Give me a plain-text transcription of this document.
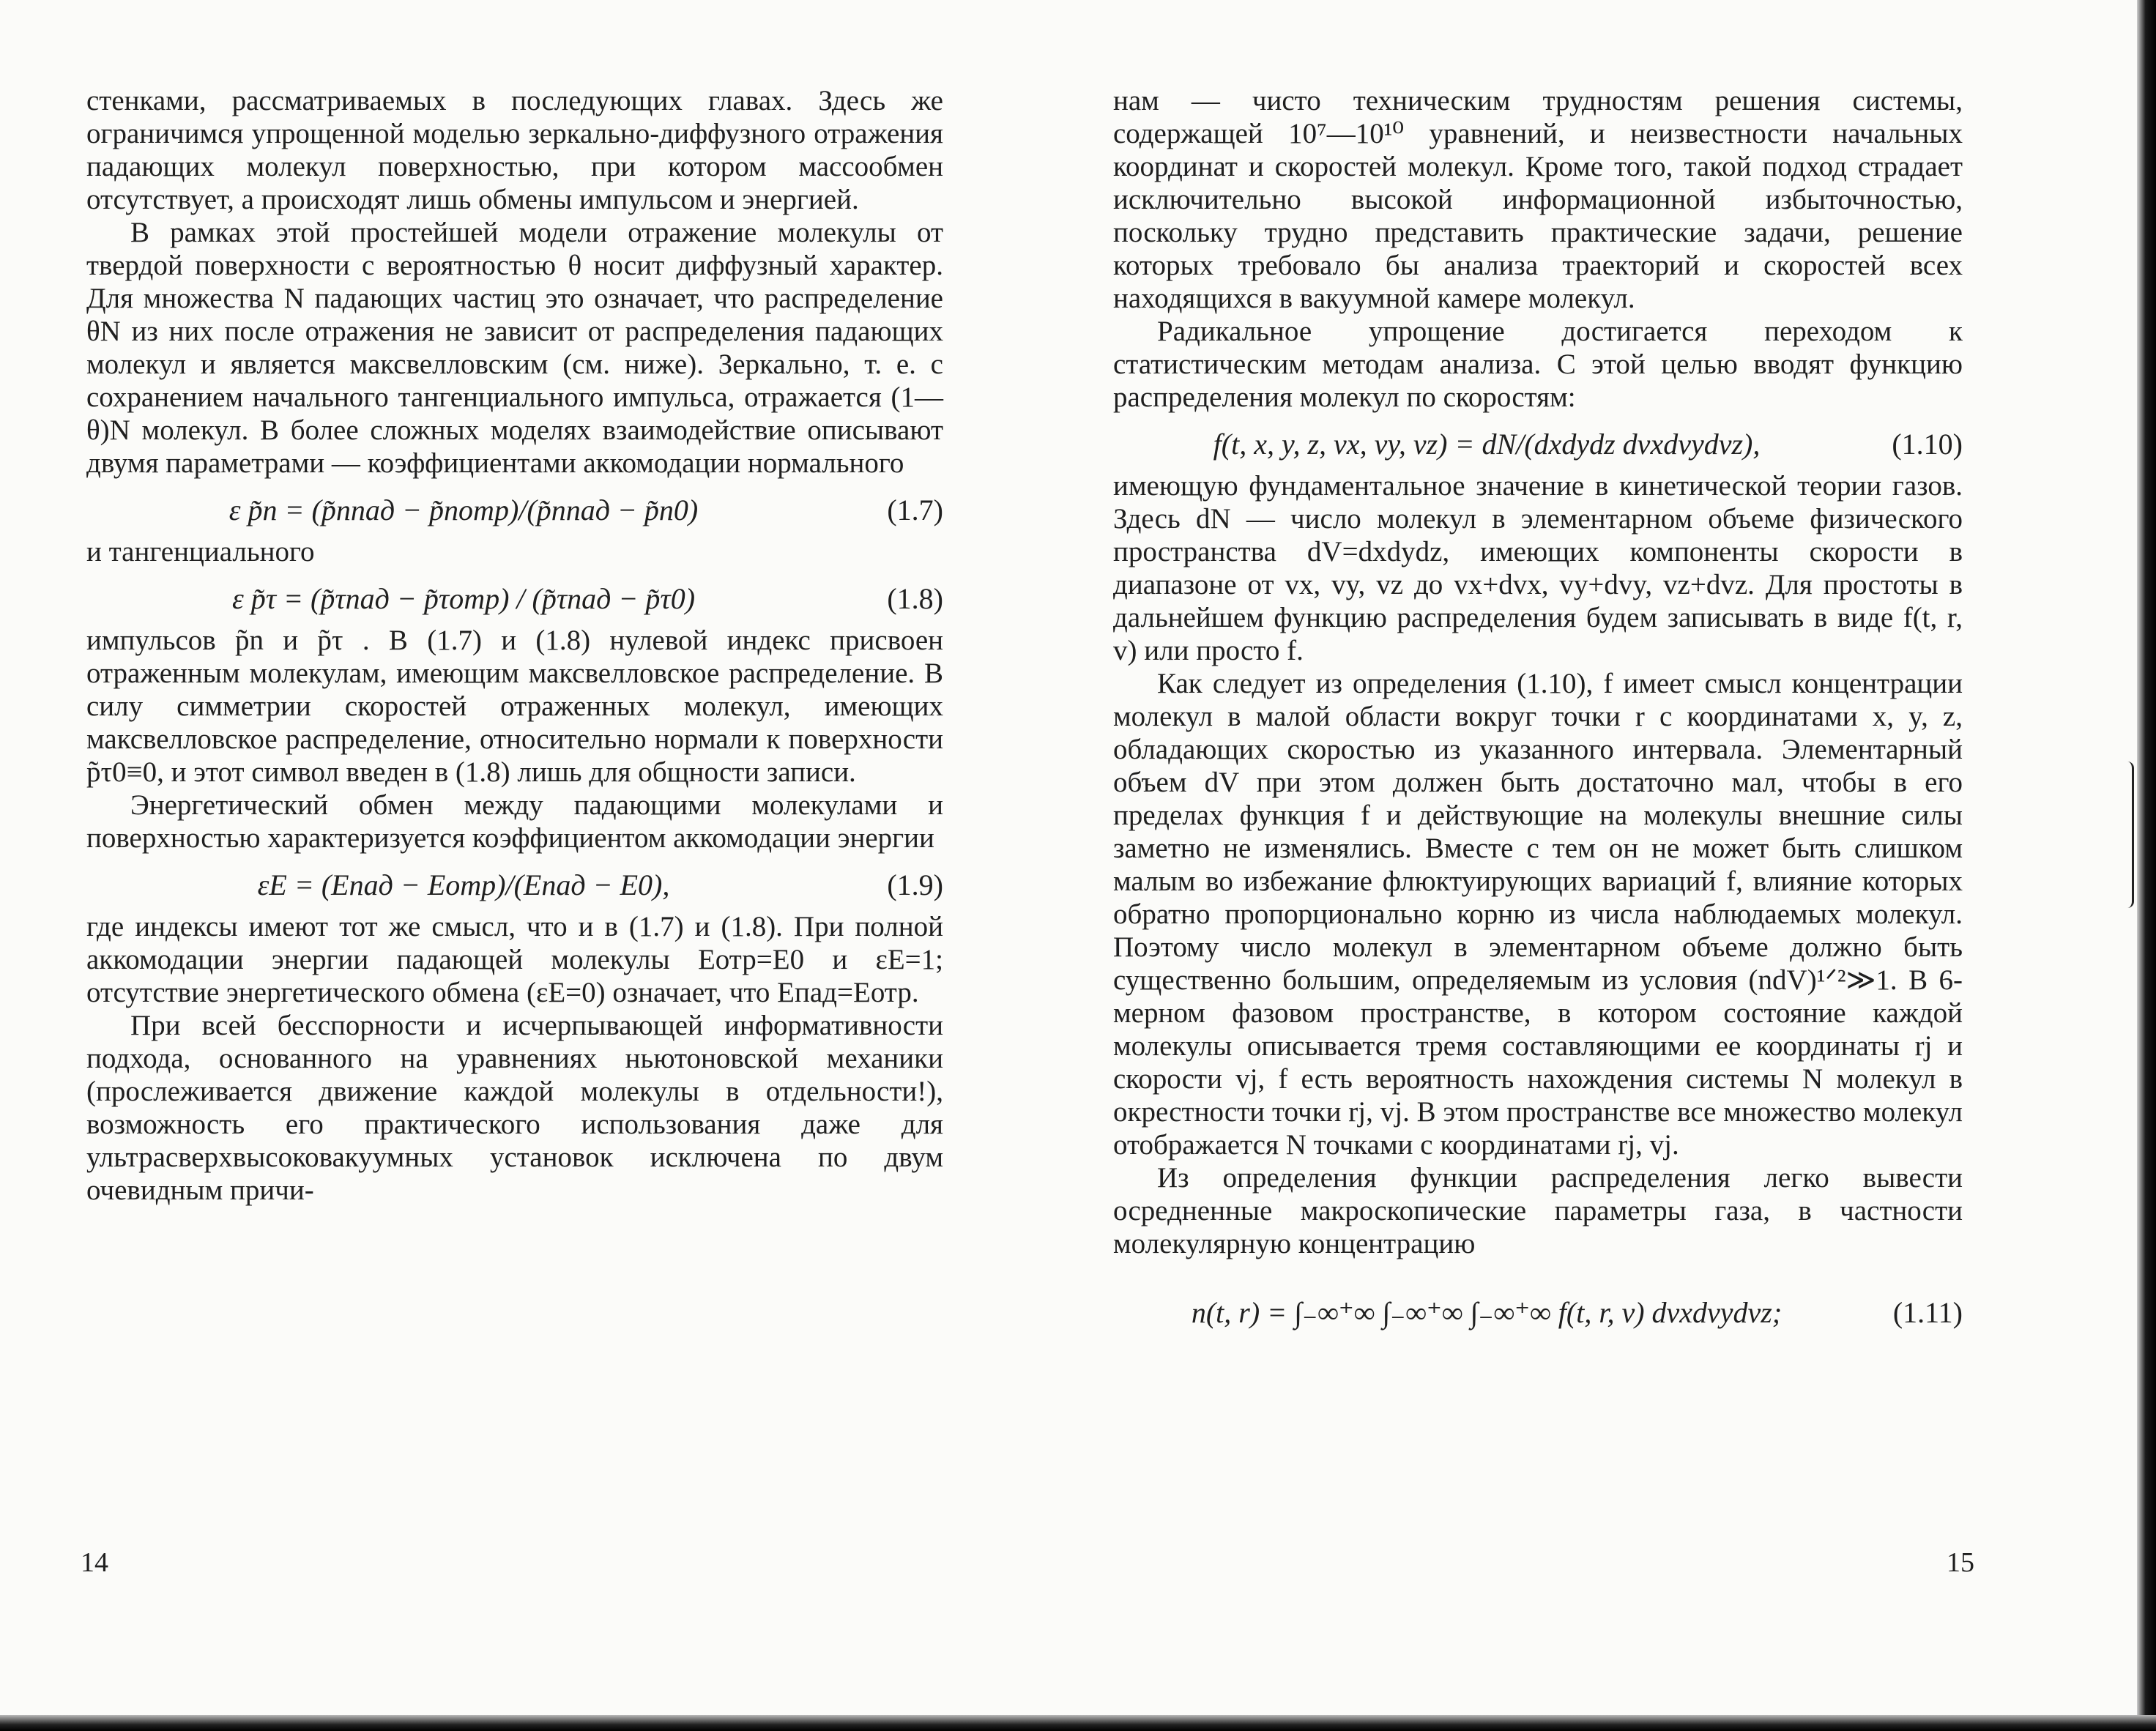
стенками, рассматриваемых в последующих главах. Здесь же ограничимся упрощенной моделью зеркально-диффузного отражения падающих молекул поверхностью, при котором массообмен отсутствует, а происходят лишь обмены импульсом и энергией.

В рамках этой простейшей модели отражение молекулы от твердой поверхности с вероятностью θ носит диффузный характер. Для множества N падающих частиц это означает, что распределение θN из них после отражения не зависит от распределения падающих молекул и является максвелловским (см. ниже). Зеркально, т. е. с сохранением начального тангенциального импульса, отражается (1—θ)N молекул. В более сложных моделях взаимодействие описывают двумя параметрами — коэффициентами аккомодации нормального

ε p̃n = (p̃nпад − p̃nотр)/(p̃nпад − p̃n0)	(1.7)

и тангенциального

ε p̃τ = (p̃τпад − p̃τотр) / (p̃τпад − p̃τ0)	(1.8)

импульсов p̃n и p̃τ . В (1.7) и (1.8) нулевой индекс присвоен отраженным молекулам, имеющим максвелловское распределение. В силу симметрии скоростей отраженных молекул, имеющих максвелловское распределение, относительно нормали к поверхности p̃τ0≡0, и этот символ введен в (1.8) лишь для общности записи.

Энергетический обмен между падающими молекулами и поверхностью характеризуется коэффициентом аккомодации энергии

εE = (Eпад − Eотр)/(Eпад − E0),	(1.9)

где индексы имеют тот же смысл, что и в (1.7) и (1.8). При полной аккомодации энергии падающей молекулы Eотр=E0 и εE=1; отсутствие энергетического обмена (εE=0) означает, что Eпад=Eотр.

При всей бесспорности и исчерпывающей информативности подхода, основанного на уравнениях ньютоновской механики (прослеживается движение каждой молекулы в отдельности!), возможность его практического использования даже для ультрасверхвысоковакуумных установок исключена по двум очевидным причи-

нам — чисто техническим трудностям решения системы, содержащей 10⁷—10¹⁰ уравнений, и неизвестности начальных координат и скоростей молекул. Кроме того, такой подход страдает исключительно высокой информационной избыточностью, поскольку трудно представить практические задачи, решение которых требовало бы анализа траекторий и скоростей всех находящихся в вакуумной камере молекул.

Радикальное упрощение достигается переходом к статистическим методам анализа. С этой целью вводят функцию распределения молекул по скоростям:

f(t, x, y, z, vx, vy, vz) = dN/(dxdydz dvxdvydvz),	(1.10)

имеющую фундаментальное значение в кинетической теории газов. Здесь dN — число молекул в элементарном объеме физического пространства dV=dxdydz, имеющих компоненты скорости в диапазоне от vx, vy, vz до vx+dvx, vy+dvy, vz+dvz. Для простоты в дальнейшем функцию распределения будем записывать в виде f(t, r, v) или просто f.

Как следует из определения (1.10), f имеет смысл концентрации молекул в малой области вокруг точки r с координатами x, y, z, обладающих скоростью из указанного интервала. Элементарный объем dV при этом должен быть достаточно мал, чтобы в его пределах функция f и действующие на молекулы внешние силы заметно не изменялись. Вместе с тем он не может быть слишком малым во избежание флюктуирующих вариаций f, влияние которых обратно пропорционально корню из числа наблюдаемых молекул. Поэтому число молекул в элементарном объеме должно быть существенно большим, определяемым из условия (ndV)¹ᐟ²≫1. В 6-мерном фазовом пространстве, в котором состояние каждой молекулы описывается тремя составляющими ее координаты rj и скорости vj, f есть вероятность нахождения системы N молекул в окрестности точки rj, vj. В этом пространстве все множество молекул отображается N точками с координатами rj, vj.

Из определения функции распределения легко вывести осредненные макроскопические параметры газа, в частности молекулярную концентрацию

n(t, r) = ∫₋∞⁺∞ ∫₋∞⁺∞ ∫₋∞⁺∞ f(t, r, v) dvxdvydvz;	(1.11)
14	15
